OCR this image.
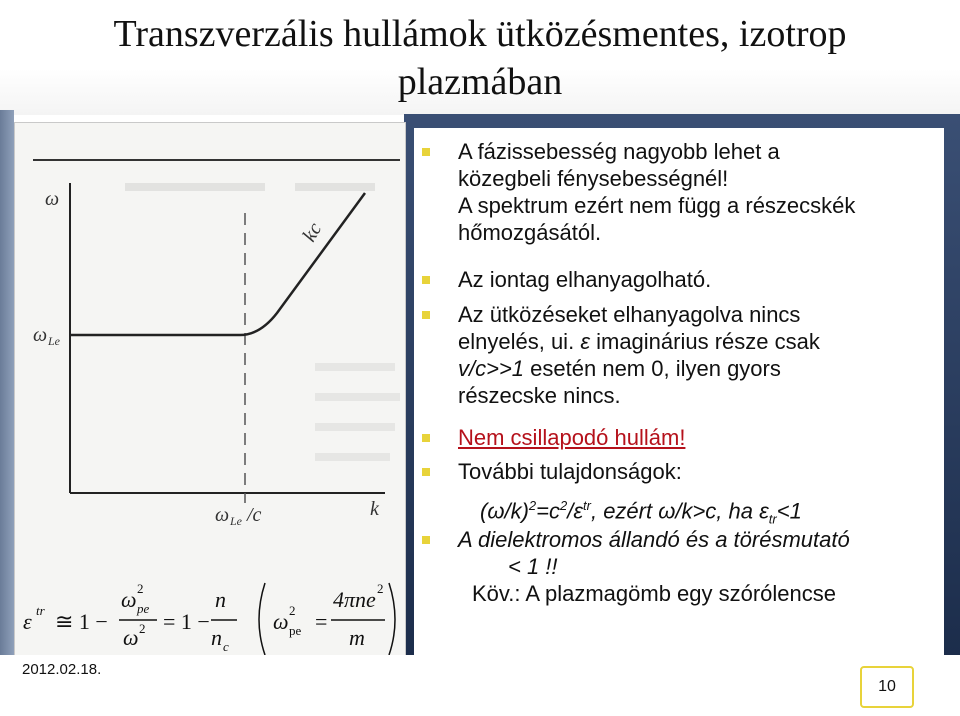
Transzverzális hullámok ütközésmentes, izotrop
plazmában
ω
ω Le
kc
k
ω Le /c
ε tr ≅ 1 −
ω 2
pe
ω 2 = 1 −
n
n c
ω 2
pe =
4πne 2
m
A fázissebesség nagyobb lehet a
közegbeli fénysebességnél!
A spektrum ezért nem függ a részecskék
hőmozgásától.
Az iontag elhanyagolható.
Az ütközéseket elhanyagolva nincs
elnyelés, ui. ε imaginárius része csak
v/c>>1 esetén nem 0, ilyen gyors
részecske nincs.
Nem csillapodó hullám!
További tulajdonságok:
$(\omega/k)^2=c^2/\varepsilon^{tr}$, ezért ω/k>c, ha $\varepsilon_{tr}<1$
A dielektromos állandó és a törésmutató
< 1 !!
Köv.: A plazmagömb egy szórólencse
2012.02.18.
10
